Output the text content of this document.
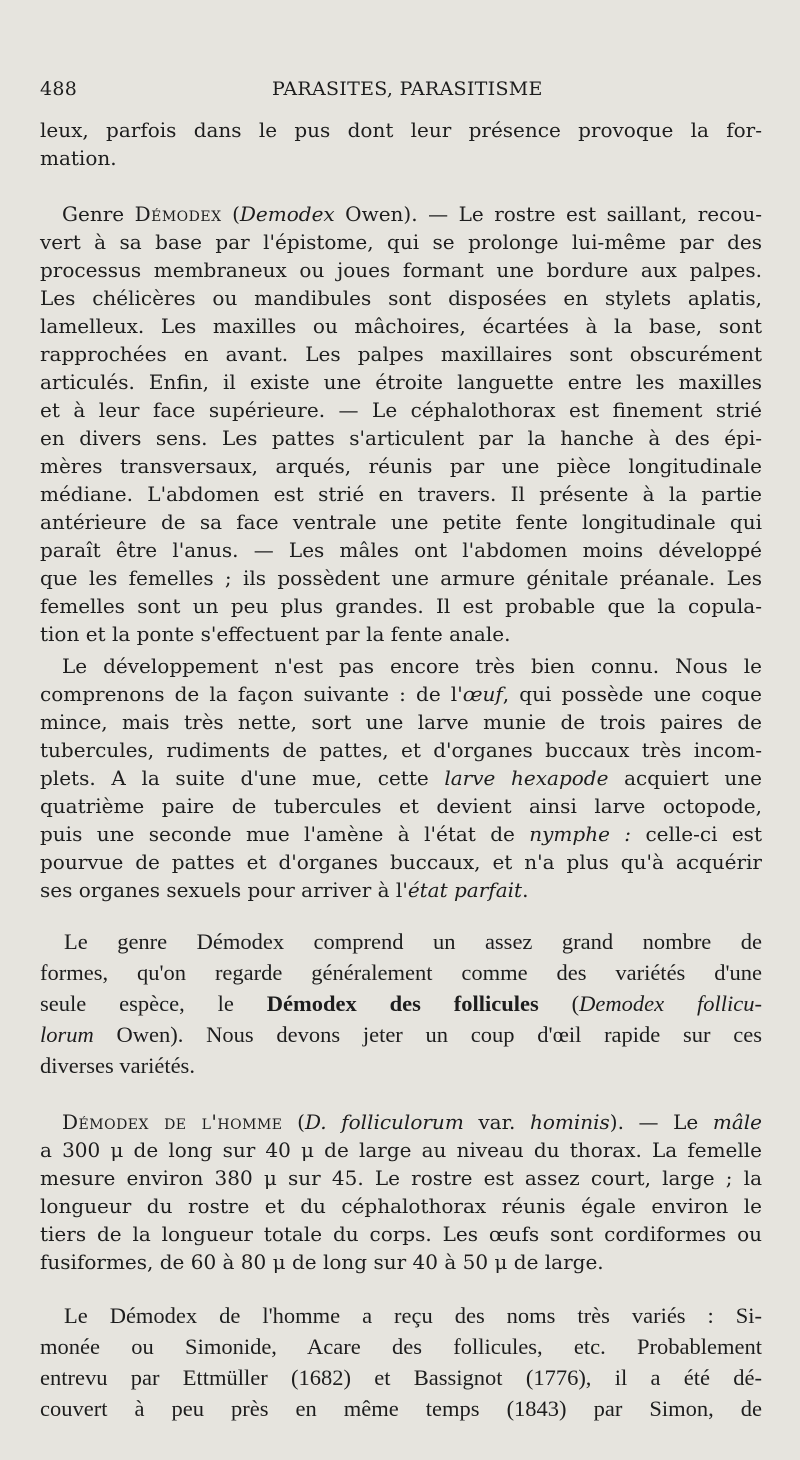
488	PARASITES, PARASITISME
leux, parfois dans le pus dont leur présence provoque la for-
mation.
Genre Démodex (Demodex Owen). — Le rostre est saillant, recou-
vert à sa base par l'épistome, qui se prolonge lui-même par des
processus membraneux ou joues formant une bordure aux palpes.
Les chélicères ou mandibules sont disposées en stylets aplatis,
lamelleux. Les maxilles ou mâchoires, écartées à la base, sont
rapprochées en avant. Les palpes maxillaires sont obscurément
articulés. Enfin, il existe une étroite languette entre les maxilles
et à leur face supérieure. — Le céphalothorax est finement strié
en divers sens. Les pattes s'articulent par la hanche à des épi-
mères transversaux, arqués, réunis par une pièce longitudinale
médiane. L'abdomen est strié en travers. Il présente à la partie
antérieure de sa face ventrale une petite fente longitudinale qui
paraît être l'anus. — Les mâles ont l'abdomen moins développé
que les femelles ; ils possèdent une armure génitale préanale. Les
femelles sont un peu plus grandes. Il est probable que la copula-
tion et la ponte s'effectuent par la fente anale.
Le développement n'est pas encore très bien connu. Nous le
comprenons de la façon suivante : de l'œuf, qui possède une coque
mince, mais très nette, sort une larve munie de trois paires de
tubercules, rudiments de pattes, et d'organes buccaux très incom-
plets. A la suite d'une mue, cette larve hexapode acquiert une
quatrième paire de tubercules et devient ainsi larve octopode,
puis une seconde mue l'amène à l'état de nymphe : celle-ci est
pourvue de pattes et d'organes buccaux, et n'a plus qu'à acquérir
ses organes sexuels pour arriver à l'état parfait.
Le genre Démodex comprend un assez grand nombre de
formes, qu'on regarde généralement comme des variétés d'une
seule espèce, le Démodex des follicules (Demodex follicu-
lorum Owen). Nous devons jeter un coup d'œil rapide sur ces
diverses variétés.
Démodex de l'homme (D. folliculorum var. hominis). — Le mâle
a 300 μ de long sur 40 μ de large au niveau du thorax. La femelle
mesure environ 380 μ sur 45. Le rostre est assez court, large ; la
longueur du rostre et du céphalothorax réunis égale environ le
tiers de la longueur totale du corps. Les œufs sont cordiformes ou
fusiformes, de 60 à 80 μ de long sur 40 à 50 μ de large.
Le Démodex de l'homme a reçu des noms très variés : Si-
monée ou Simonide, Acare des follicules, etc. Probablement
entrevu par Ettmüller (1682) et Bassignot (1776), il a été dé-
couvert à peu près en même temps (1843) par Simon, de
